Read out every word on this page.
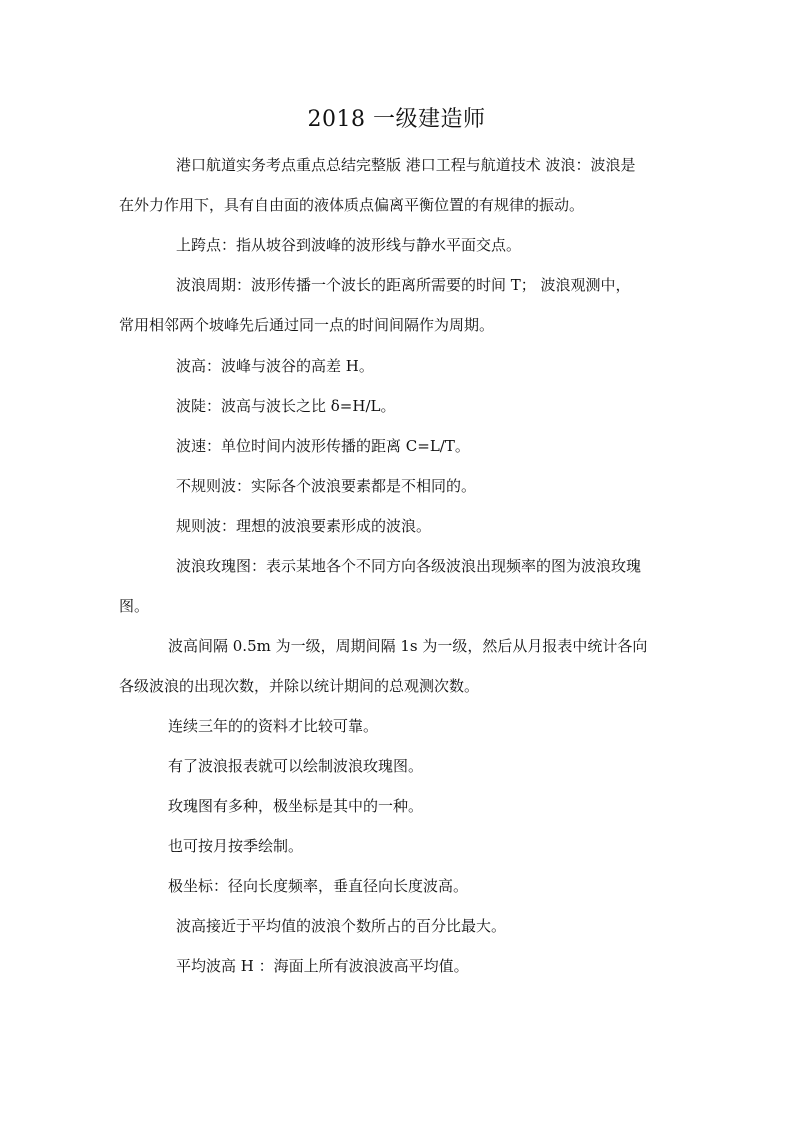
2018 一级建造师
港口航道实务考点重点总结完整版 港口工程与航道技术 波浪：波浪是
在外力作用下，具有自由面的液体质点偏离平衡位置的有规律的振动。
上跨点：指从坡谷到波峰的波形线与静水平面交点。
波浪周期：波形传播一个波长的距离所需要的时间 T； 波浪观测中，
常用相邻两个坡峰先后通过同一点的时间间隔作为周期。
波高：波峰与波谷的高差 H。
波陡：波高与波长之比 δ=H/L。
波速：单位时间内波形传播的距离 C=L/T。
不规则波：实际各个波浪要素都是不相同的。
规则波：理想的波浪要素形成的波浪。
波浪玫瑰图：表示某地各个不同方向各级波浪出现频率的图为波浪玫瑰
图。
波高间隔 0.5m 为一级，周期间隔 1s 为一级，然后从月报表中统计各向
各级波浪的出现次数，并除以统计期间的总观测次数。
连续三年的的资料才比较可靠。
有了波浪报表就可以绘制波浪玫瑰图。
玫瑰图有多种，极坐标是其中的一种。
也可按月按季绘制。
极坐标：径向长度频率，垂直径向长度波高。
波高接近于平均值的波浪个数所占的百分比最大。
平均波高 H ：海面上所有波浪波高平均值。
